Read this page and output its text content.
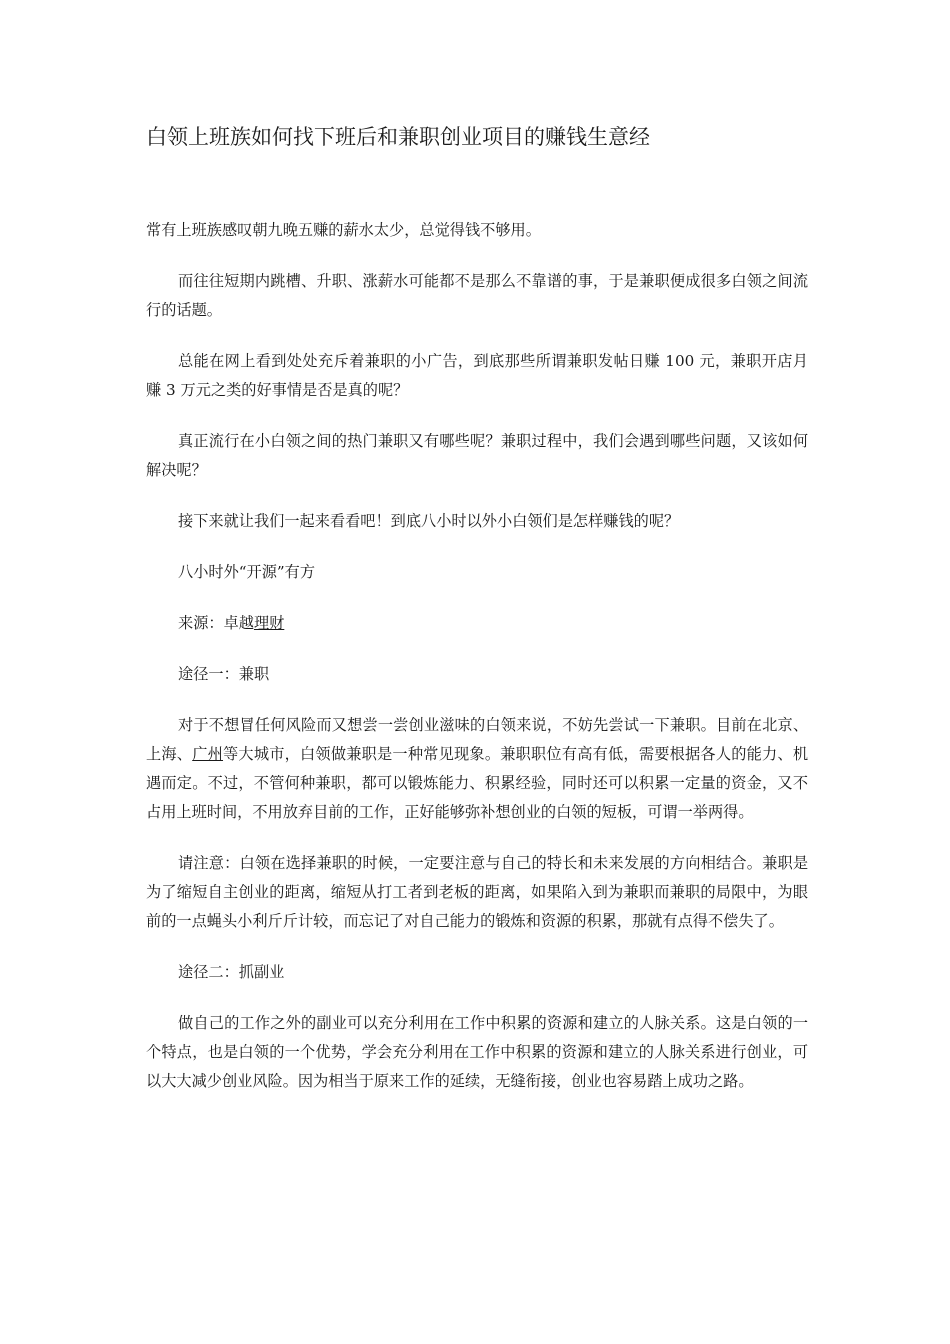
白领上班族如何找下班后和兼职创业项目的赚钱生意经

常有上班族感叹朝九晚五赚的薪水太少，总觉得钱不够用。

而往往短期内跳槽、升职、涨薪水可能都不是那么不靠谱的事，于是兼职便成很多白领之间流行的话题。

总能在网上看到处处充斥着兼职的小广告，到底那些所谓兼职发帖日赚 100 元，兼职开店月赚 3 万元之类的好事情是否是真的呢？

真正流行在小白领之间的热门兼职又有哪些呢？兼职过程中，我们会遇到哪些问题，又该如何解决呢？

接下来就让我们一起来看看吧！到底八小时以外小白领们是怎样赚钱的呢？

八小时外“开源”有方

来源：卓越理财

途径一：兼职

对于不想冒任何风险而又想尝一尝创业滋味的白领来说，不妨先尝试一下兼职。目前在北京、上海、广州等大城市，白领做兼职是一种常见现象。兼职职位有高有低，需要根据各人的能力、机遇而定。不过，不管何种兼职，都可以锻炼能力、积累经验，同时还可以积累一定量的资金，又不占用上班时间，不用放弃目前的工作，正好能够弥补想创业的白领的短板，可谓一举两得。

请注意：白领在选择兼职的时候，一定要注意与自己的特长和未来发展的方向相结合。兼职是为了缩短自主创业的距离，缩短从打工者到老板的距离，如果陷入到为兼职而兼职的局限中，为眼前的一点蝇头小利斤斤计较，而忘记了对自己能力的锻炼和资源的积累，那就有点得不偿失了。

途径二：抓副业

做自己的工作之外的副业可以充分利用在工作中积累的资源和建立的人脉关系。这是白领的一个特点，也是白领的一个优势，学会充分利用在工作中积累的资源和建立的人脉关系进行创业，可以大大减少创业风险。因为相当于原来工作的延续，无缝衔接，创业也容易踏上成功之路。
